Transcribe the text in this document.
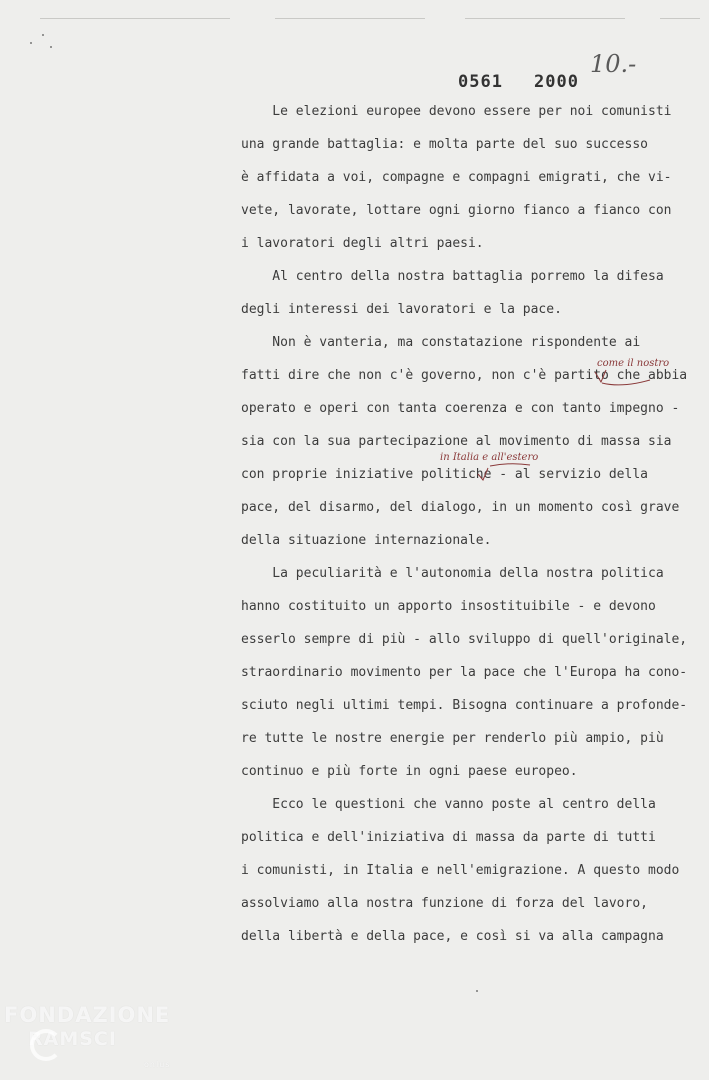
0561 2000
10.-
Le elezioni europee devono essere per noi comunisti
una grande battaglia: e molta parte del suo successo
è affidata a voi, compagne e compagni emigrati, che vi-
vete, lavorate, lottare ogni giorno fianco a fianco con
i lavoratori degli altri paesi.
Al centro della nostra battaglia porremo la difesa
degli interessi dei lavoratori e la pace.
Non è vanteria, ma constatazione rispondente ai
fatti dire che non c'è governo, non c'è partito che abbia
operato e operi con tanta coerenza e con tanto impegno -
sia con la sua partecipazione al movimento di massa sia
con proprie iniziative politiche - al servizio della
pace, del disarmo, del dialogo, in un momento così grave
della situazione internazionale.
La peculiarità e l'autonomia della nostra politica
hanno costituito un apporto insostituibile - e devono
esserlo sempre di più - allo sviluppo di quell'originale,
straordinario movimento per la pace che l'Europa ha cono-
sciuto negli ultimi tempi. Bisogna continuare a profonde-
re tutte le nostre energie per renderlo più ampio, più
continuo e più forte in ogni paese europeo.
Ecco le questioni che vanno poste al centro della
politica e dell'iniziativa di massa da parte di tutti
i comunisti, in Italia e nell'emigrazione. A questo modo
assolviamo alla nostra funzione di forza del lavoro,
della libertà e della pace, e così si va alla campagna
come il nostro
in Italia e all'estero
FONDAZIONE
RAMSCI
onlus
